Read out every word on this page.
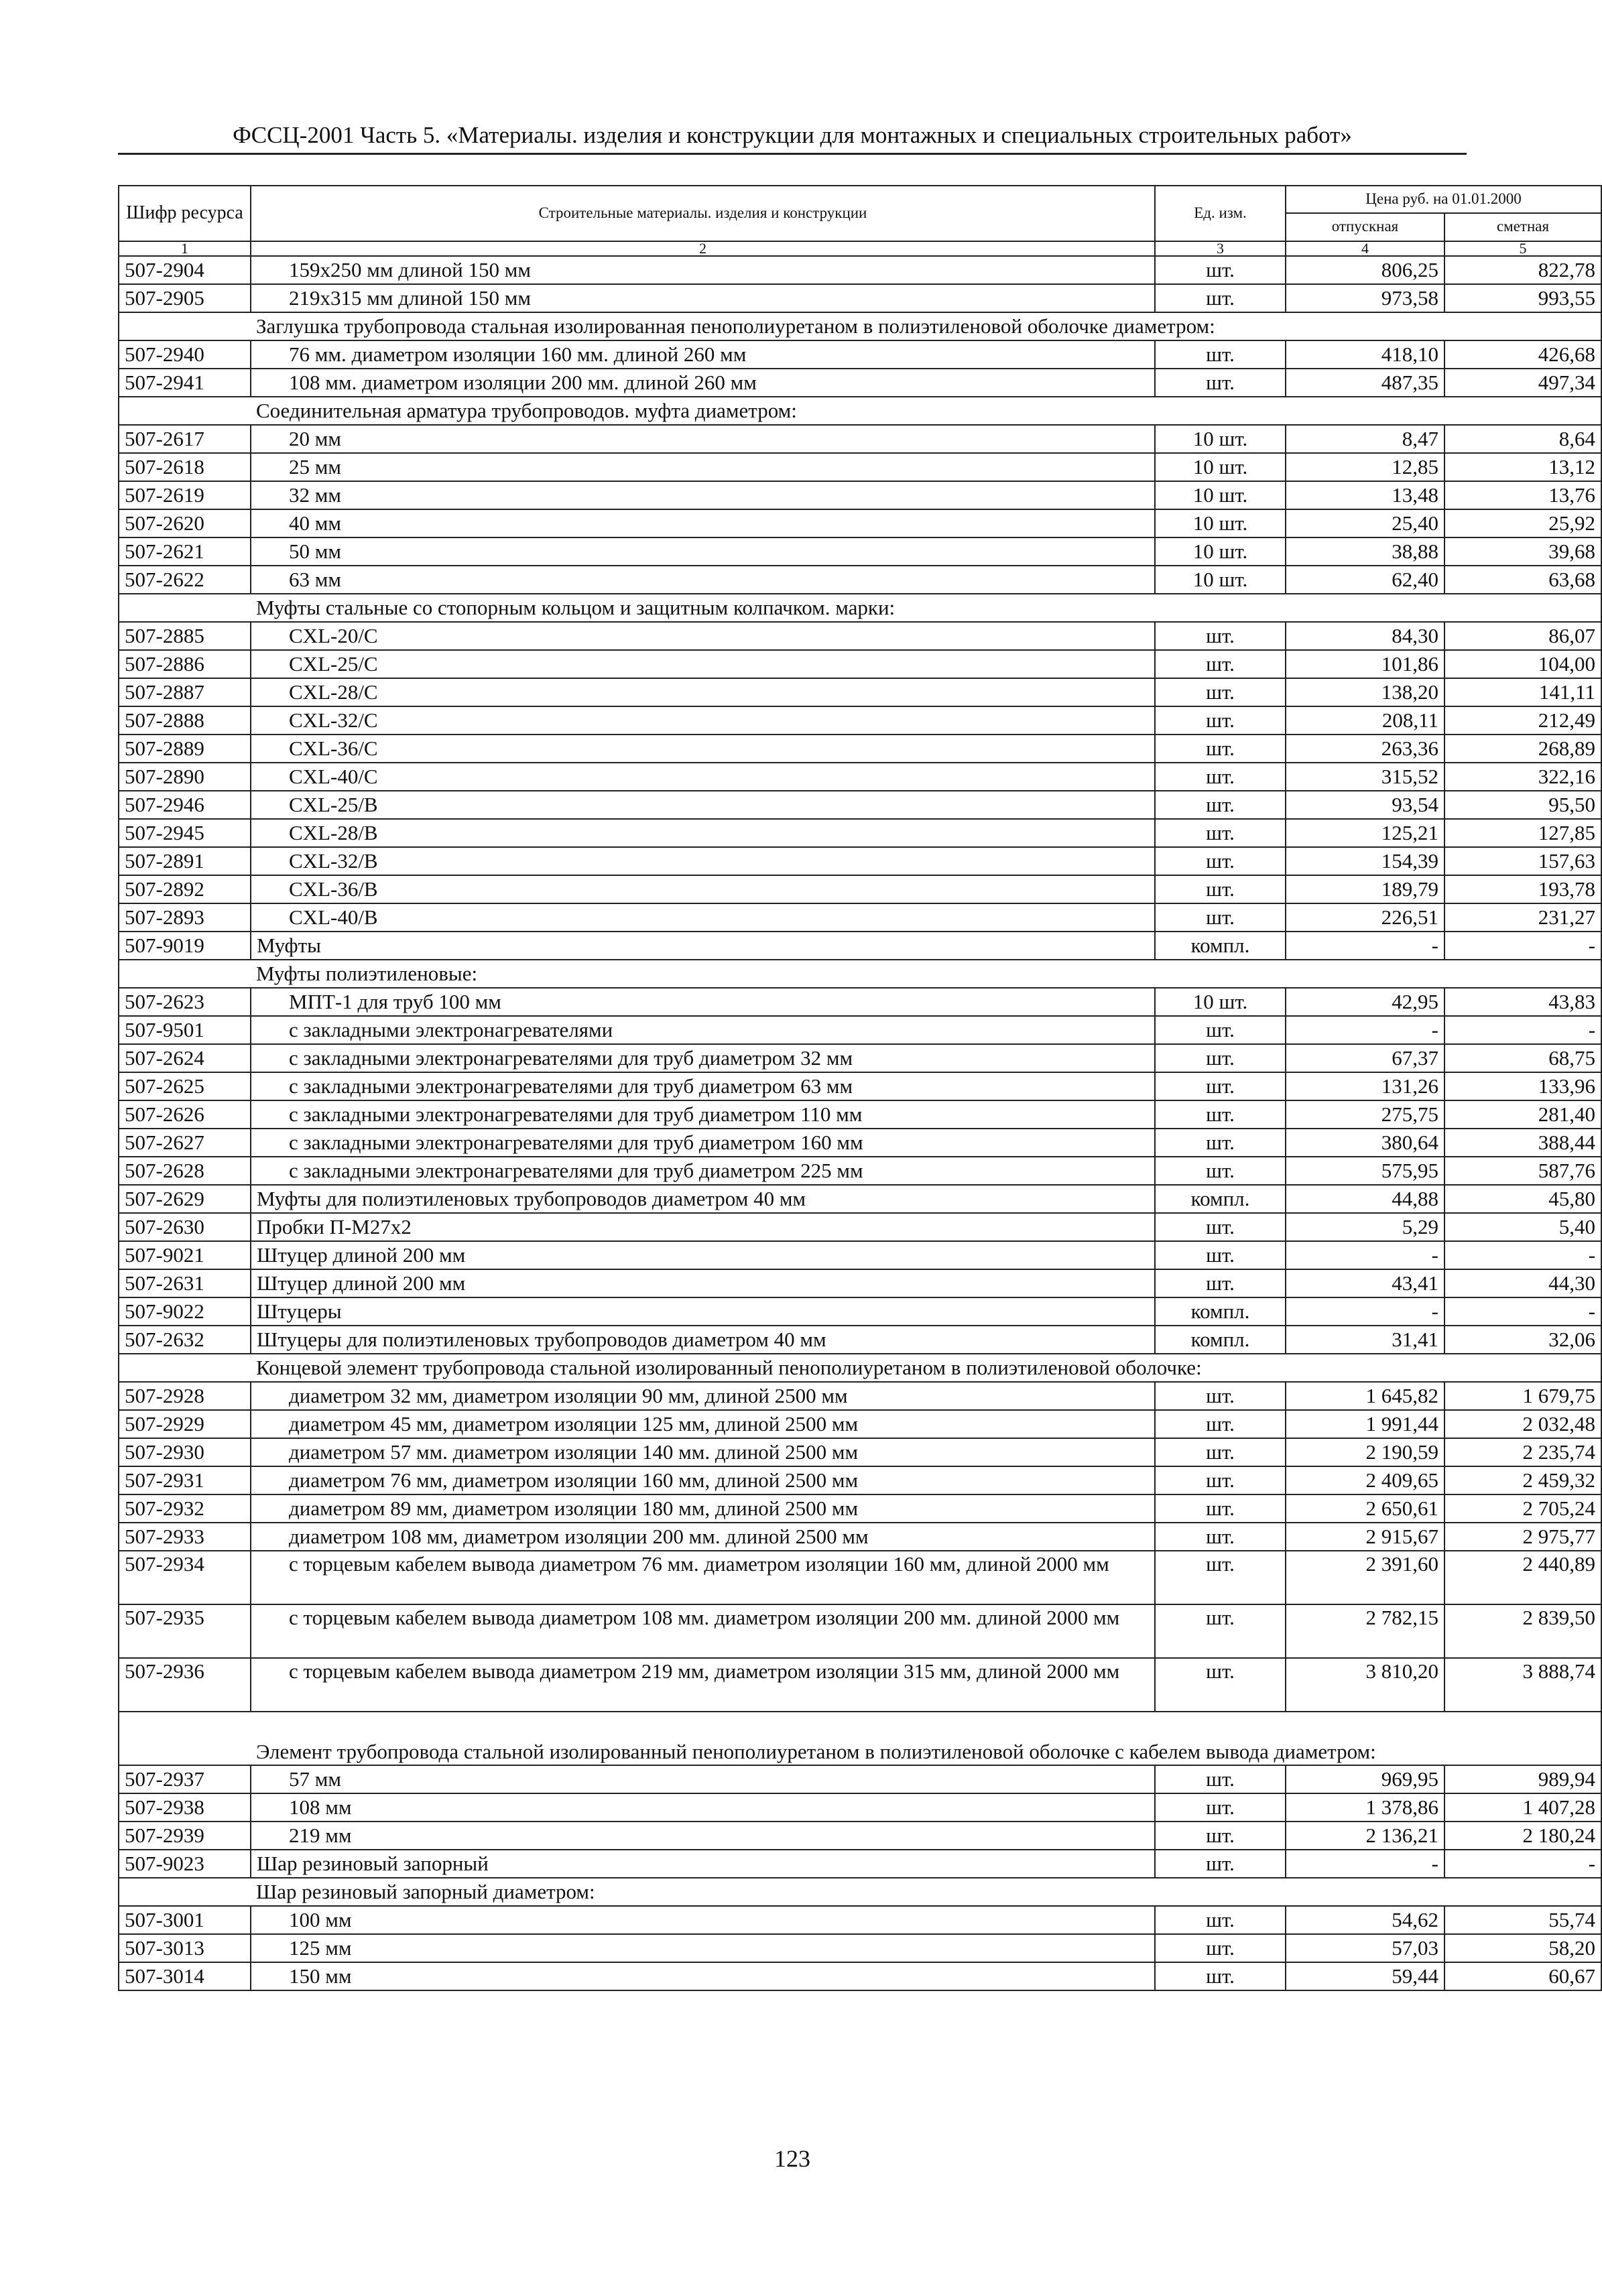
ФССЦ-2001 Часть 5. «Материалы. изделия и конструкции для монтажных и специальных строительных работ»
Шифр ресурса	Строительные материалы. изделия и конструкции	Ед. изм.	Цена руб. на 01.01.2000	
			отпускная	сметная
1	2	3	4	5
507-2904	159x250 мм длиной 150 мм	шт.	806,25	822,78
507-2905	219x315 мм длиной 150 мм	шт.	973,58	993,55
	Заглушка трубопровода стальная изолированная пенополиуретаном в полиэтиленовой оболочке диаметром:			
507-2940	76 мм. диаметром изоляции 160 мм. длиной 260 мм	шт.	418,10	426,68
507-2941	108 мм. диаметром изоляции 200 мм. длиной 260 мм	шт.	487,35	497,34
	Соединительная арматура трубопроводов. муфта диаметром:			
507-2617	20 мм	10 шт.	8,47	8,64
507-2618	25 мм	10 шт.	12,85	13,12
507-2619	32 мм	10 шт.	13,48	13,76
507-2620	40 мм	10 шт.	25,40	25,92
507-2621	50 мм	10 шт.	38,88	39,68
507-2622	63 мм	10 шт.	62,40	63,68
	Муфты стальные со стопорным кольцом и защитным колпачком. марки:			
507-2885	CXL-20/C	шт.	84,30	86,07
507-2886	CXL-25/C	шт.	101,86	104,00
507-2887	CXL-28/C	шт.	138,20	141,11
507-2888	CXL-32/C	шт.	208,11	212,49
507-2889	CXL-36/C	шт.	263,36	268,89
507-2890	CXL-40/C	шт.	315,52	322,16
507-2946	CXL-25/B	шт.	93,54	95,50
507-2945	CXL-28/B	шт.	125,21	127,85
507-2891	CXL-32/B	шт.	154,39	157,63
507-2892	CXL-36/B	шт.	189,79	193,78
507-2893	CXL-40/B	шт.	226,51	231,27
507-9019	Муфты	компл.	-	-
	Муфты полиэтиленовые:			
507-2623	МПТ-1 для труб 100 мм	10 шт.	42,95	43,83
507-9501	с закладными электронагревателями	шт.	-	-
507-2624	с закладными электронагревателями для труб диаметром 32 мм	шт.	67,37	68,75
507-2625	с закладными электронагревателями для труб диаметром 63 мм	шт.	131,26	133,96
507-2626	с закладными электронагревателями для труб диаметром 110 мм	шт.	275,75	281,40
507-2627	с закладными электронагревателями для труб диаметром 160 мм	шт.	380,64	388,44
507-2628	с закладными электронагревателями для труб диаметром 225 мм	шт.	575,95	587,76
507-2629	Муфты для полиэтиленовых трубопроводов диаметром 40 мм	компл.	44,88	45,80
507-2630	Пробки П-М27x2	шт.	5,29	5,40
507-9021	Штуцер длиной 200 мм	шт.	-	-
507-2631	Штуцер длиной 200 мм	шт.	43,41	44,30
507-9022	Штуцеры	компл.	-	-
507-2632	Штуцеры для полиэтиленовых трубопроводов диаметром 40 мм	компл.	31,41	32,06
	Концевой элемент трубопровода стальной изолированный пенополиуретаном в полиэтиленовой оболочке:			
507-2928	диаметром 32 мм, диаметром изоляции 90 мм, длиной 2500 мм	шт.	1 645,82	1 679,75
507-2929	диаметром 45 мм, диаметром изоляции 125 мм, длиной 2500 мм	шт.	1 991,44	2 032,48
507-2930	диаметром 57 мм. диаметром изоляции 140 мм. длиной 2500 мм	шт.	2 190,59	2 235,74
507-2931	диаметром 76 мм, диаметром изоляции 160 мм, длиной 2500 мм	шт.	2 409,65	2 459,32
507-2932	диаметром 89 мм, диаметром изоляции 180 мм, длиной 2500 мм	шт.	2 650,61	2 705,24
507-2933	диаметром 108 мм, диаметром изоляции 200 мм. длиной 2500 мм	шт.	2 915,67	2 975,77
507-2934	с торцевым кабелем вывода диаметром 76 мм. диаметром изоляции 160 мм, длиной 2000 мм	шт.	2 391,60	2 440,89
507-2935	с торцевым кабелем вывода диаметром 108 мм. диаметром изоляции 200 мм. длиной 2000 мм	шт.	2 782,15	2 839,50
507-2936	с торцевым кабелем вывода диаметром 219 мм, диаметром изоляции 315 мм, длиной 2000 мм	шт.	3 810,20	3 888,74
	Элемент трубопровода стальной изолированный пенополиуретаном в полиэтиленовой оболочке с кабелем вывода диаметром:			
507-2937	57 мм	шт.	969,95	989,94
507-2938	108 мм	шт.	1 378,86	1 407,28
507-2939	219 мм	шт.	2 136,21	2 180,24
507-9023	Шар резиновый запорный	шт.	-	-
	Шар резиновый запорный диаметром:			
507-3001	100 мм	шт.	54,62	55,74
507-3013	125 мм	шт.	57,03	58,20
507-3014	150 мм	шт.	59,44	60,67
123
